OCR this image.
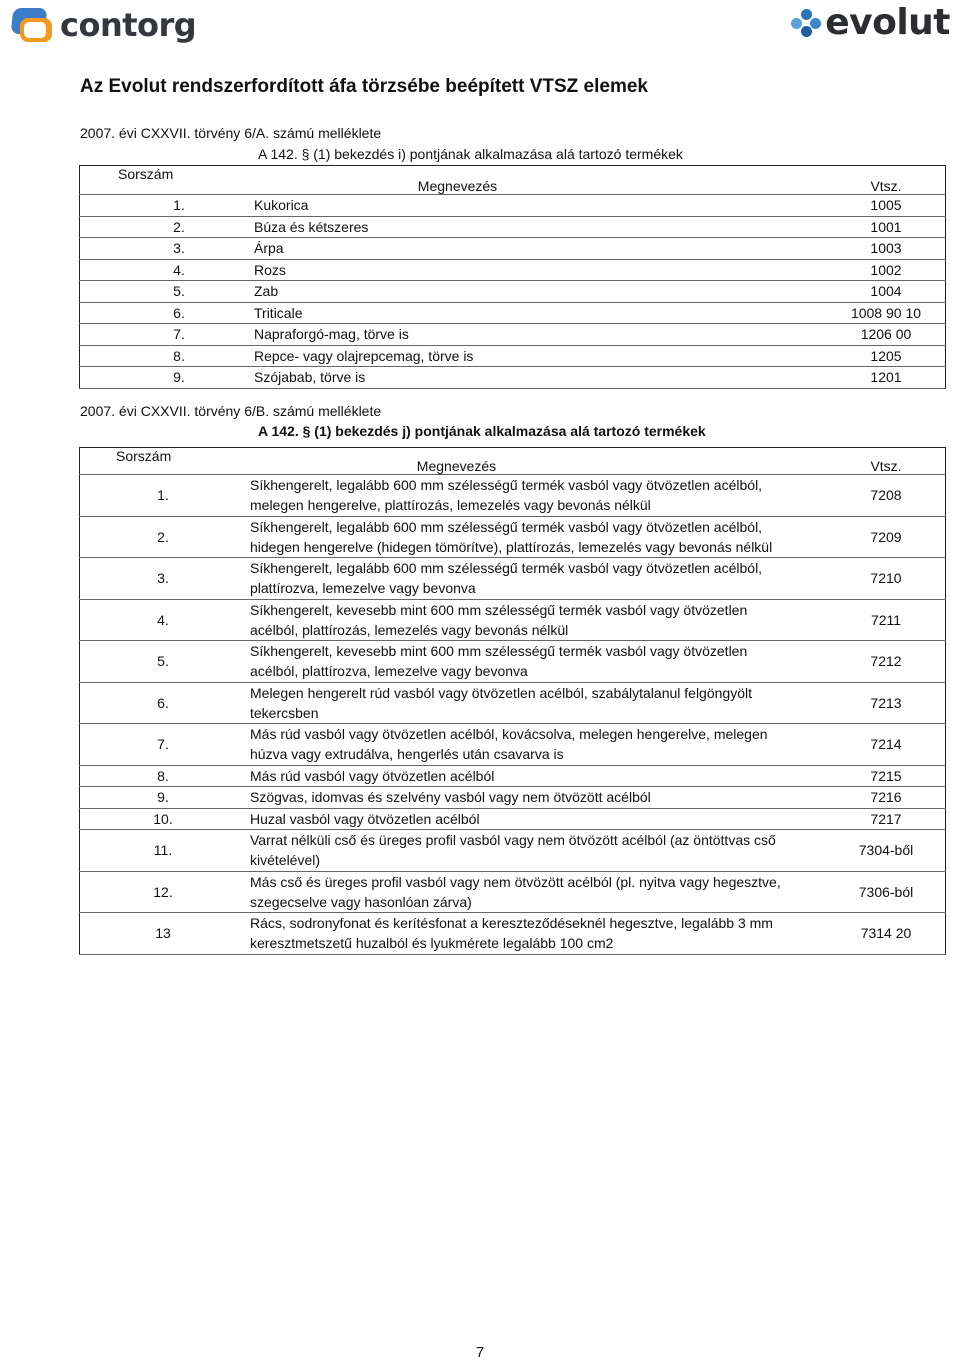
contorg	evolut
Az Evolut rendszerfordított áfa törzsébe beépített VTSZ elemek
2007. évi CXXVII. törvény 6/A. számú melléklete
A 142. § (1) bekezdés i) pontjának alkalmazása alá tartozó termékek
Sorszám	Megnevezés	Vtsz.
1.	Kukorica	1005
2.	Búza és kétszeres	1001
3.	Árpa	1003
4.	Rozs	1002
5.	Zab	1004
6.	Triticale	1008 90 10
7.	Napraforgó-mag, törve is	1206 00
8.	Repce- vagy olajrepcemag, törve is	1205
9.	Szójabab, törve is	1201
2007. évi CXXVII. törvény 6/B. számú melléklete
A 142. § (1) bekezdés j) pontjának alkalmazása alá tartozó termékek
Sorszám	Megnevezés	Vtsz.
1.	Síkhengerelt, legalább 600 mm szélességű termék vasból vagy ötvözetlen acélból,
melegen hengerelve, plattírozás, lemezelés vagy bevonás nélkül	7208
2.	Síkhengerelt, legalább 600 mm szélességű termék vasból vagy ötvözetlen acélból,
hidegen hengerelve (hidegen tömörítve), plattírozás, lemezelés vagy bevonás nélkül	7209
3.	Síkhengerelt, legalább 600 mm szélességű termék vasból vagy ötvözetlen acélból,
plattírozva, lemezelve vagy bevonva	7210
4.	Síkhengerelt, kevesebb mint 600 mm szélességű termék vasból vagy ötvözetlen
acélból, plattírozás, lemezelés vagy bevonás nélkül	7211
5.	Síkhengerelt, kevesebb mint 600 mm szélességű termék vasból vagy ötvözetlen
acélból, plattírozva, lemezelve vagy bevonva	7212
6.	Melegen hengerelt rúd vasból vagy ötvözetlen acélból, szabálytalanul felgöngyölt
tekercsben	7213
7.	Más rúd vasból vagy ötvözetlen acélból, kovácsolva, melegen hengerelve, melegen
húzva vagy extrudálva, hengerlés után csavarva is	7214
8.	Más rúd vasból vagy ötvözetlen acélból	7215
9.	Szögvas, idomvas és szelvény vasból vagy nem ötvözött acélból	7216
10.	Huzal vasból vagy ötvözetlen acélból	7217
11.	Varrat nélküli cső és üreges profil vasból vagy nem ötvözött acélból (az öntöttvas cső
kivételével)	7304-ből
12.	Más cső és üreges profil vasból vagy nem ötvözött acélból (pl. nyitva vagy hegesztve,
szegecselve vagy hasonlóan zárva)	7306-ból
13	Rács, sodronyfonat és kerítésfonat a kereszteződéseknél hegesztve, legalább 3 mm
keresztmetszetű huzalból és lyukmérete legalább 100 cm2	7314 20
7
